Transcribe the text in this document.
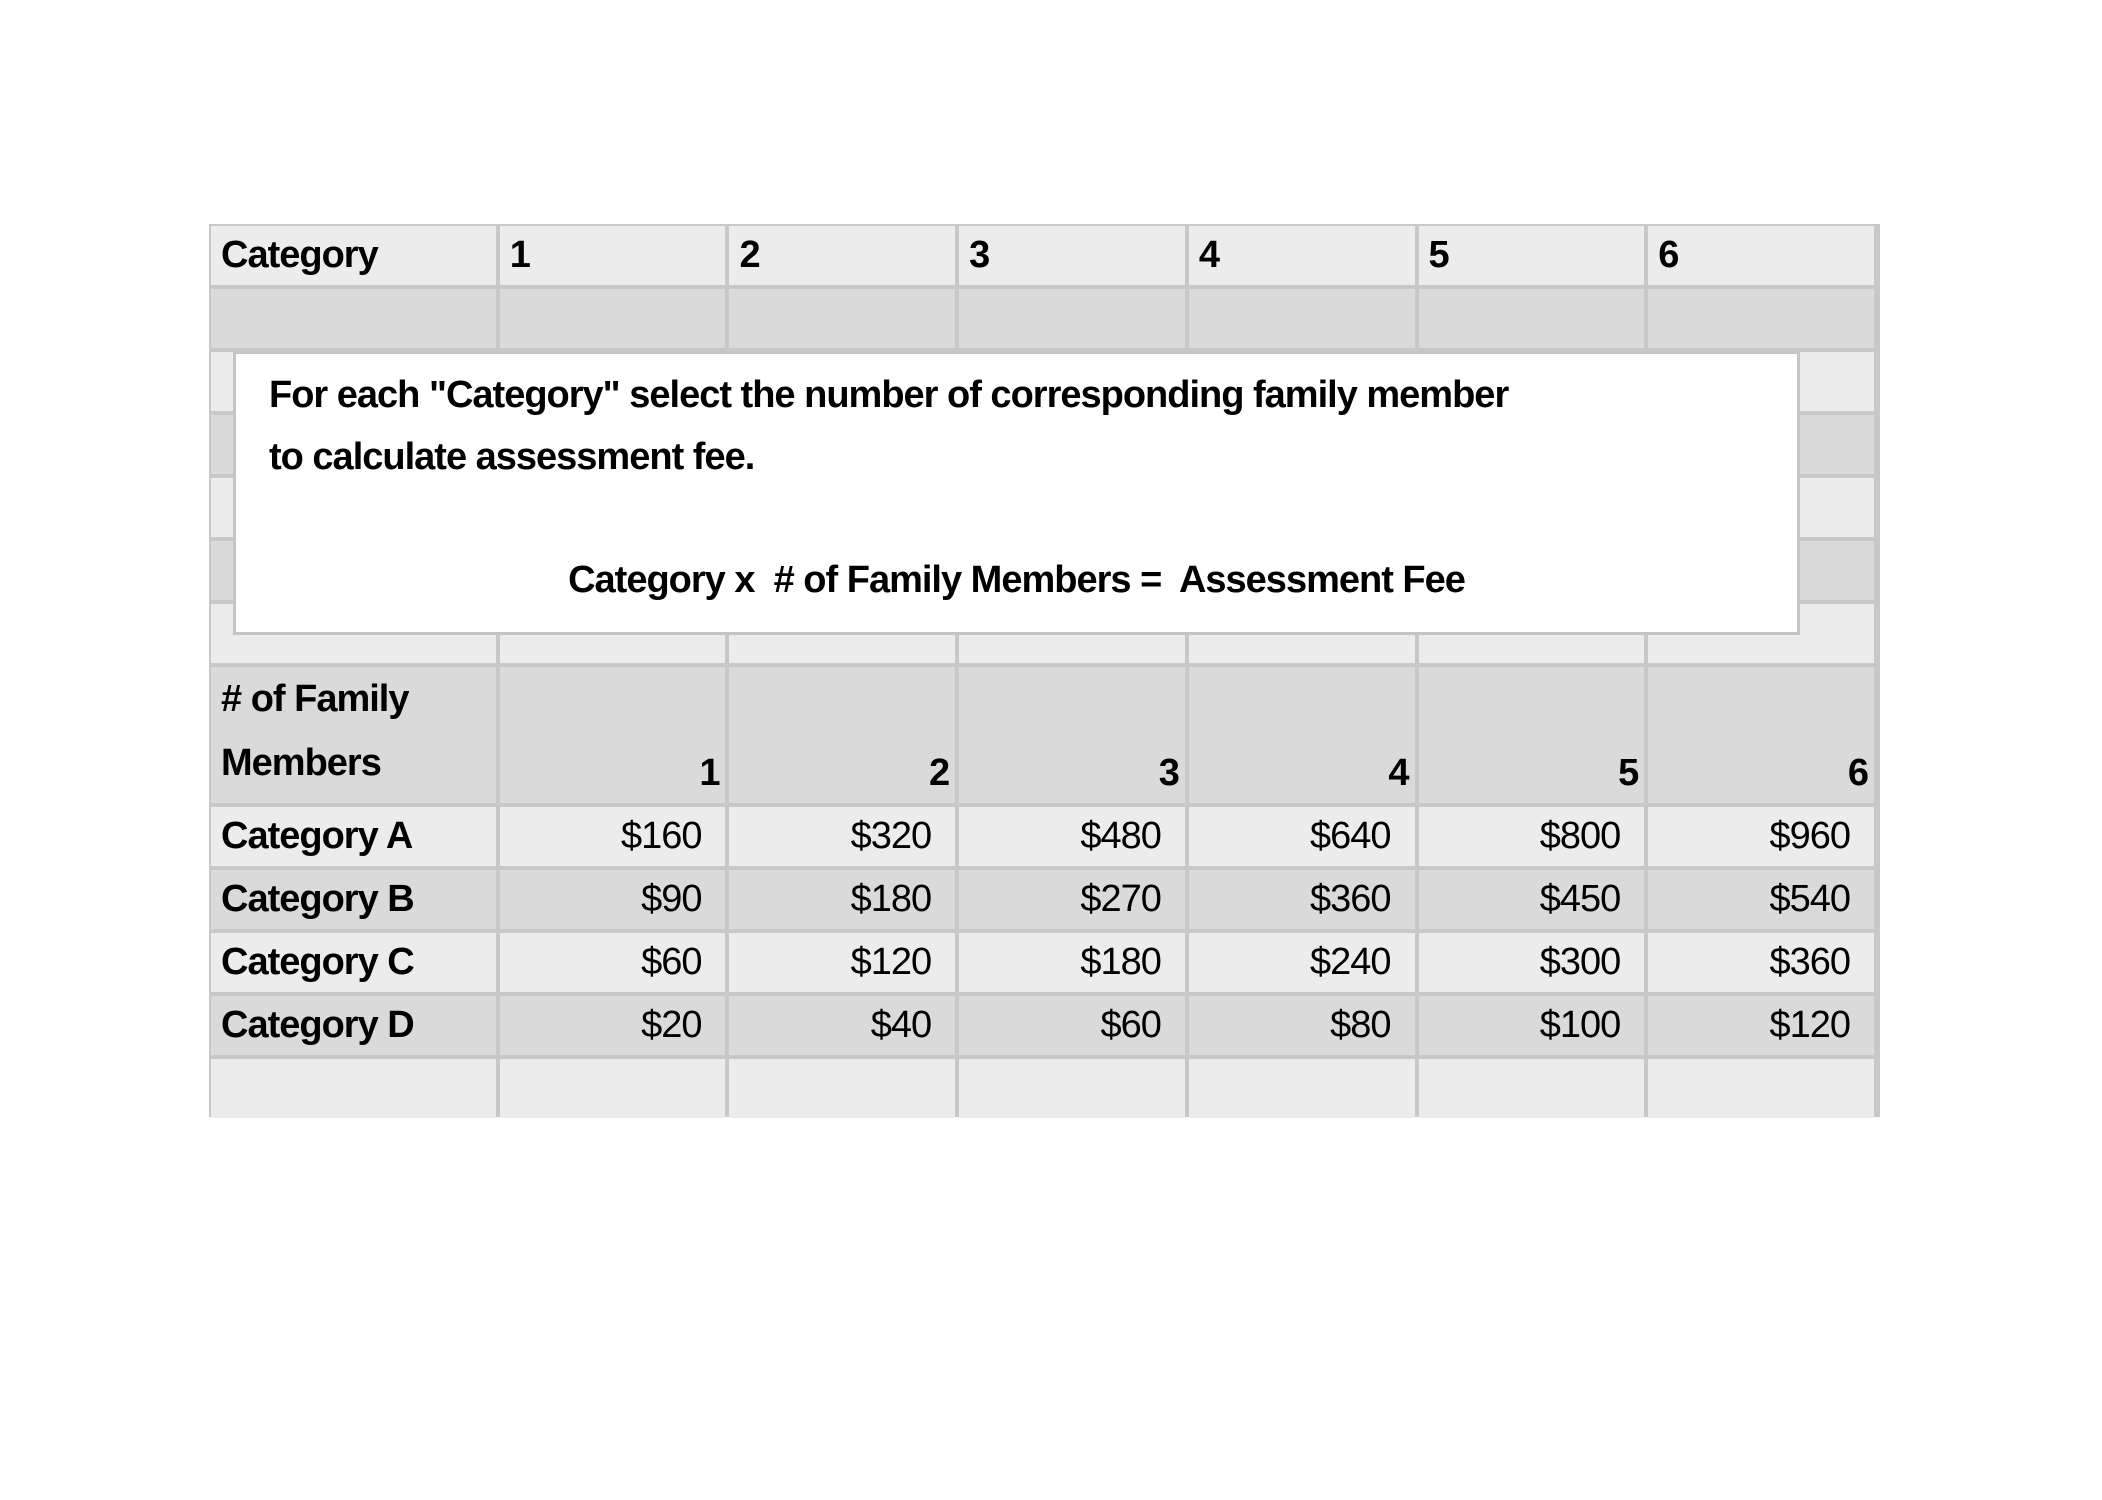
Category	1	2	3	4	5	6

# of Family
Members	1	2	3	4	5	6
Category A	$160	$320	$480	$640	$800	$960
Category B	$90	$180	$270	$360	$450	$540
Category C	$60	$120	$180	$240	$300	$360
Category D	$20	$40	$60	$80	$100	$120

For each "Category" select the number of corresponding family member
to calculate assessment fee.
Category x  # of Family Members =  Assessment Fee
